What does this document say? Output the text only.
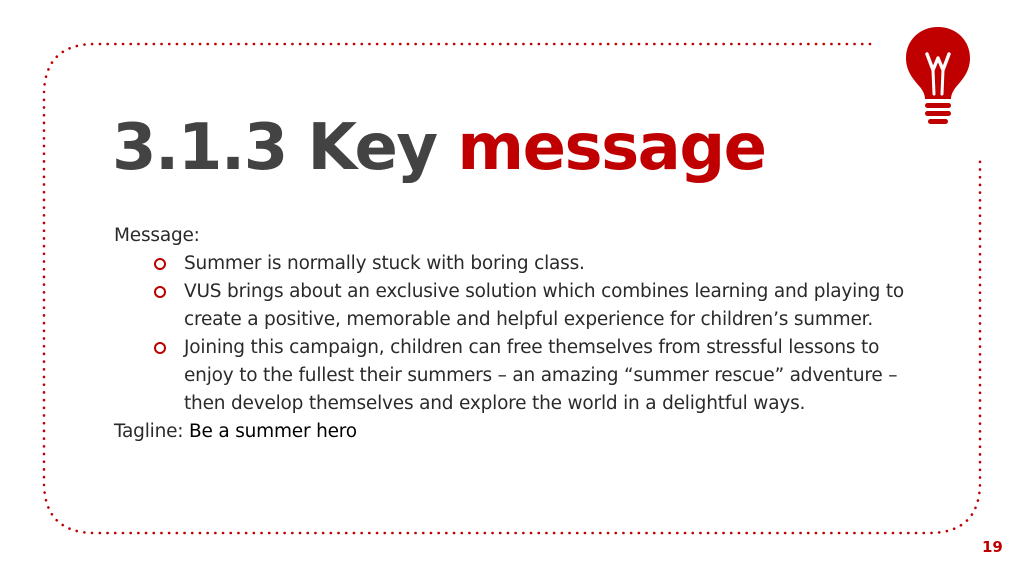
3.1.3 Key message

Message:

Summer is normally stuck with boring class.
VUS brings about an exclusive solution which combines learning and playing to create a positive, memorable and helpful experience for children’s summer.
Joining this campaign, children can free themselves from stressful lessons to enjoy to the fullest their summers – an amazing “summer rescue” adventure – then develop themselves and explore the world in a delightful ways.

Tagline: Be a summer hero

19
